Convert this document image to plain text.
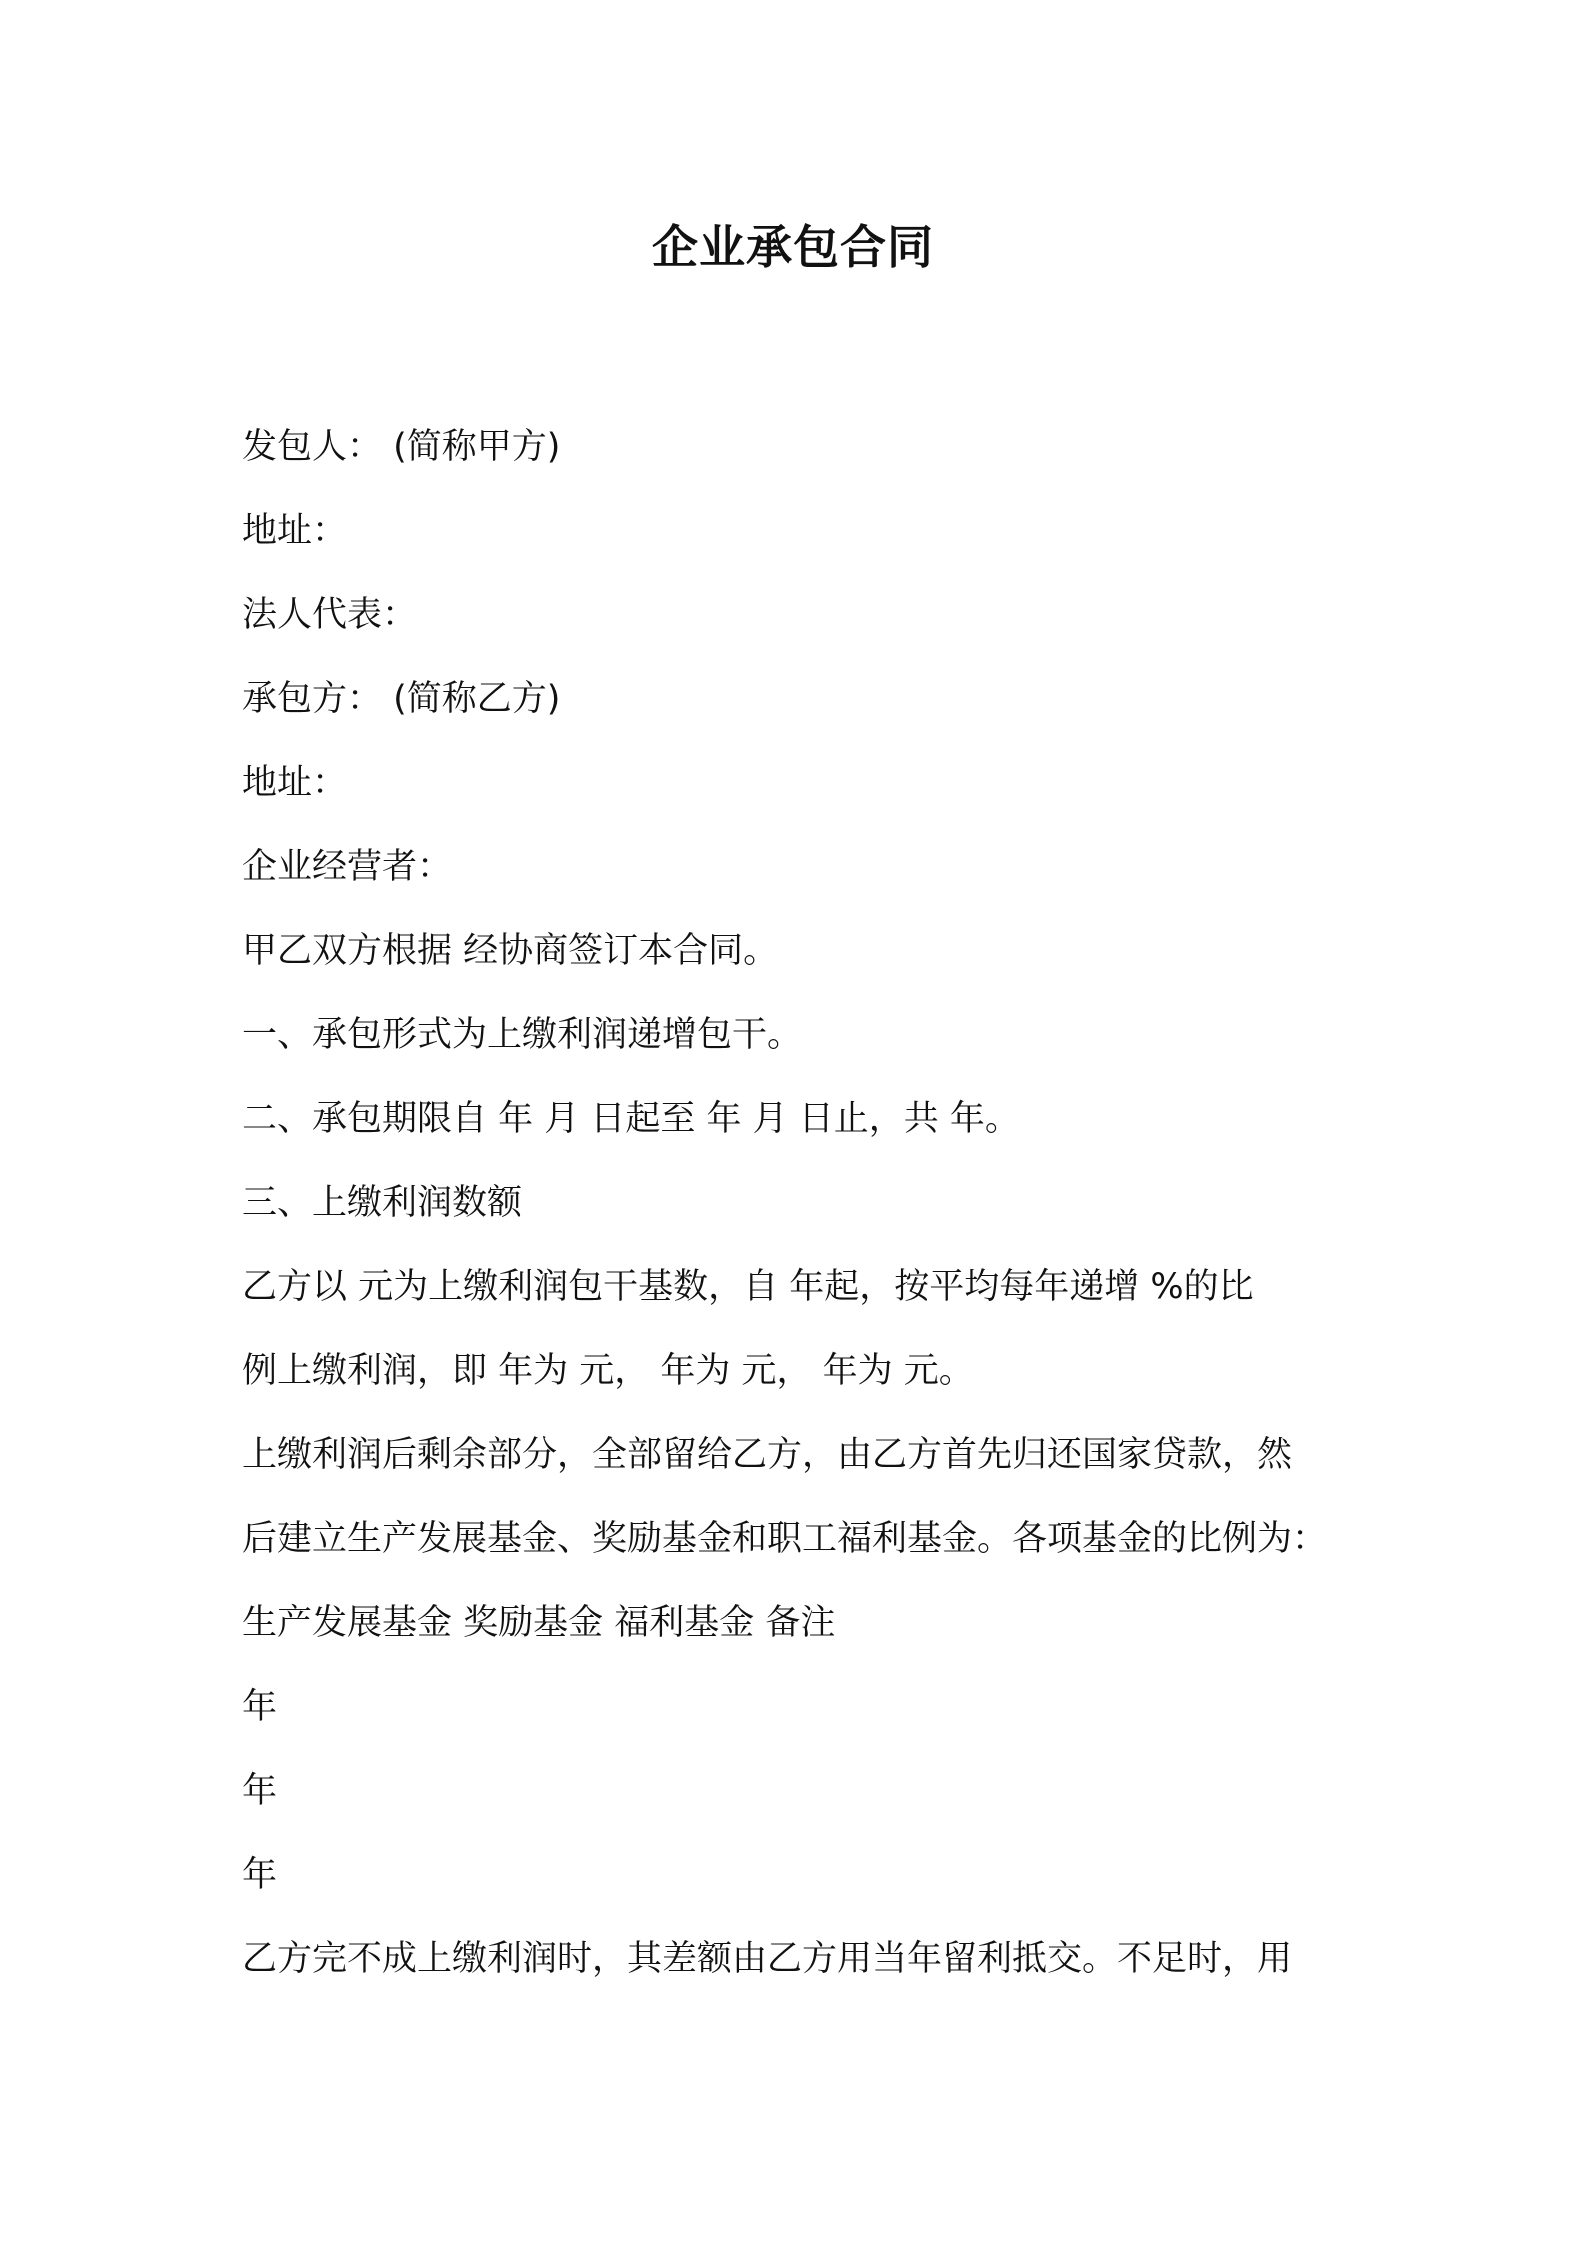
企业承包合同
发包人： (简称甲方)
地址：
法人代表：
承包方： (简称乙方)
地址：
企业经营者：
甲乙双方根据 经协商签订本合同。
一、承包形式为上缴利润递增包干。
二、承包期限自 年 月 日起至 年 月 日止，共 年。
三、上缴利润数额
乙方以 元为上缴利润包干基数，自 年起，按平均每年递增 %的比
例上缴利润，即 年为 元， 年为 元， 年为 元。
上缴利润后剩余部分，全部留给乙方，由乙方首先归还国家贷款，然
后建立生产发展基金、奖励基金和职工福利基金。各项基金的比例为：
生产发展基金 奖励基金 福利基金 备注
年
年
年
乙方完不成上缴利润时，其差额由乙方用当年留利抵交。不足时，用
